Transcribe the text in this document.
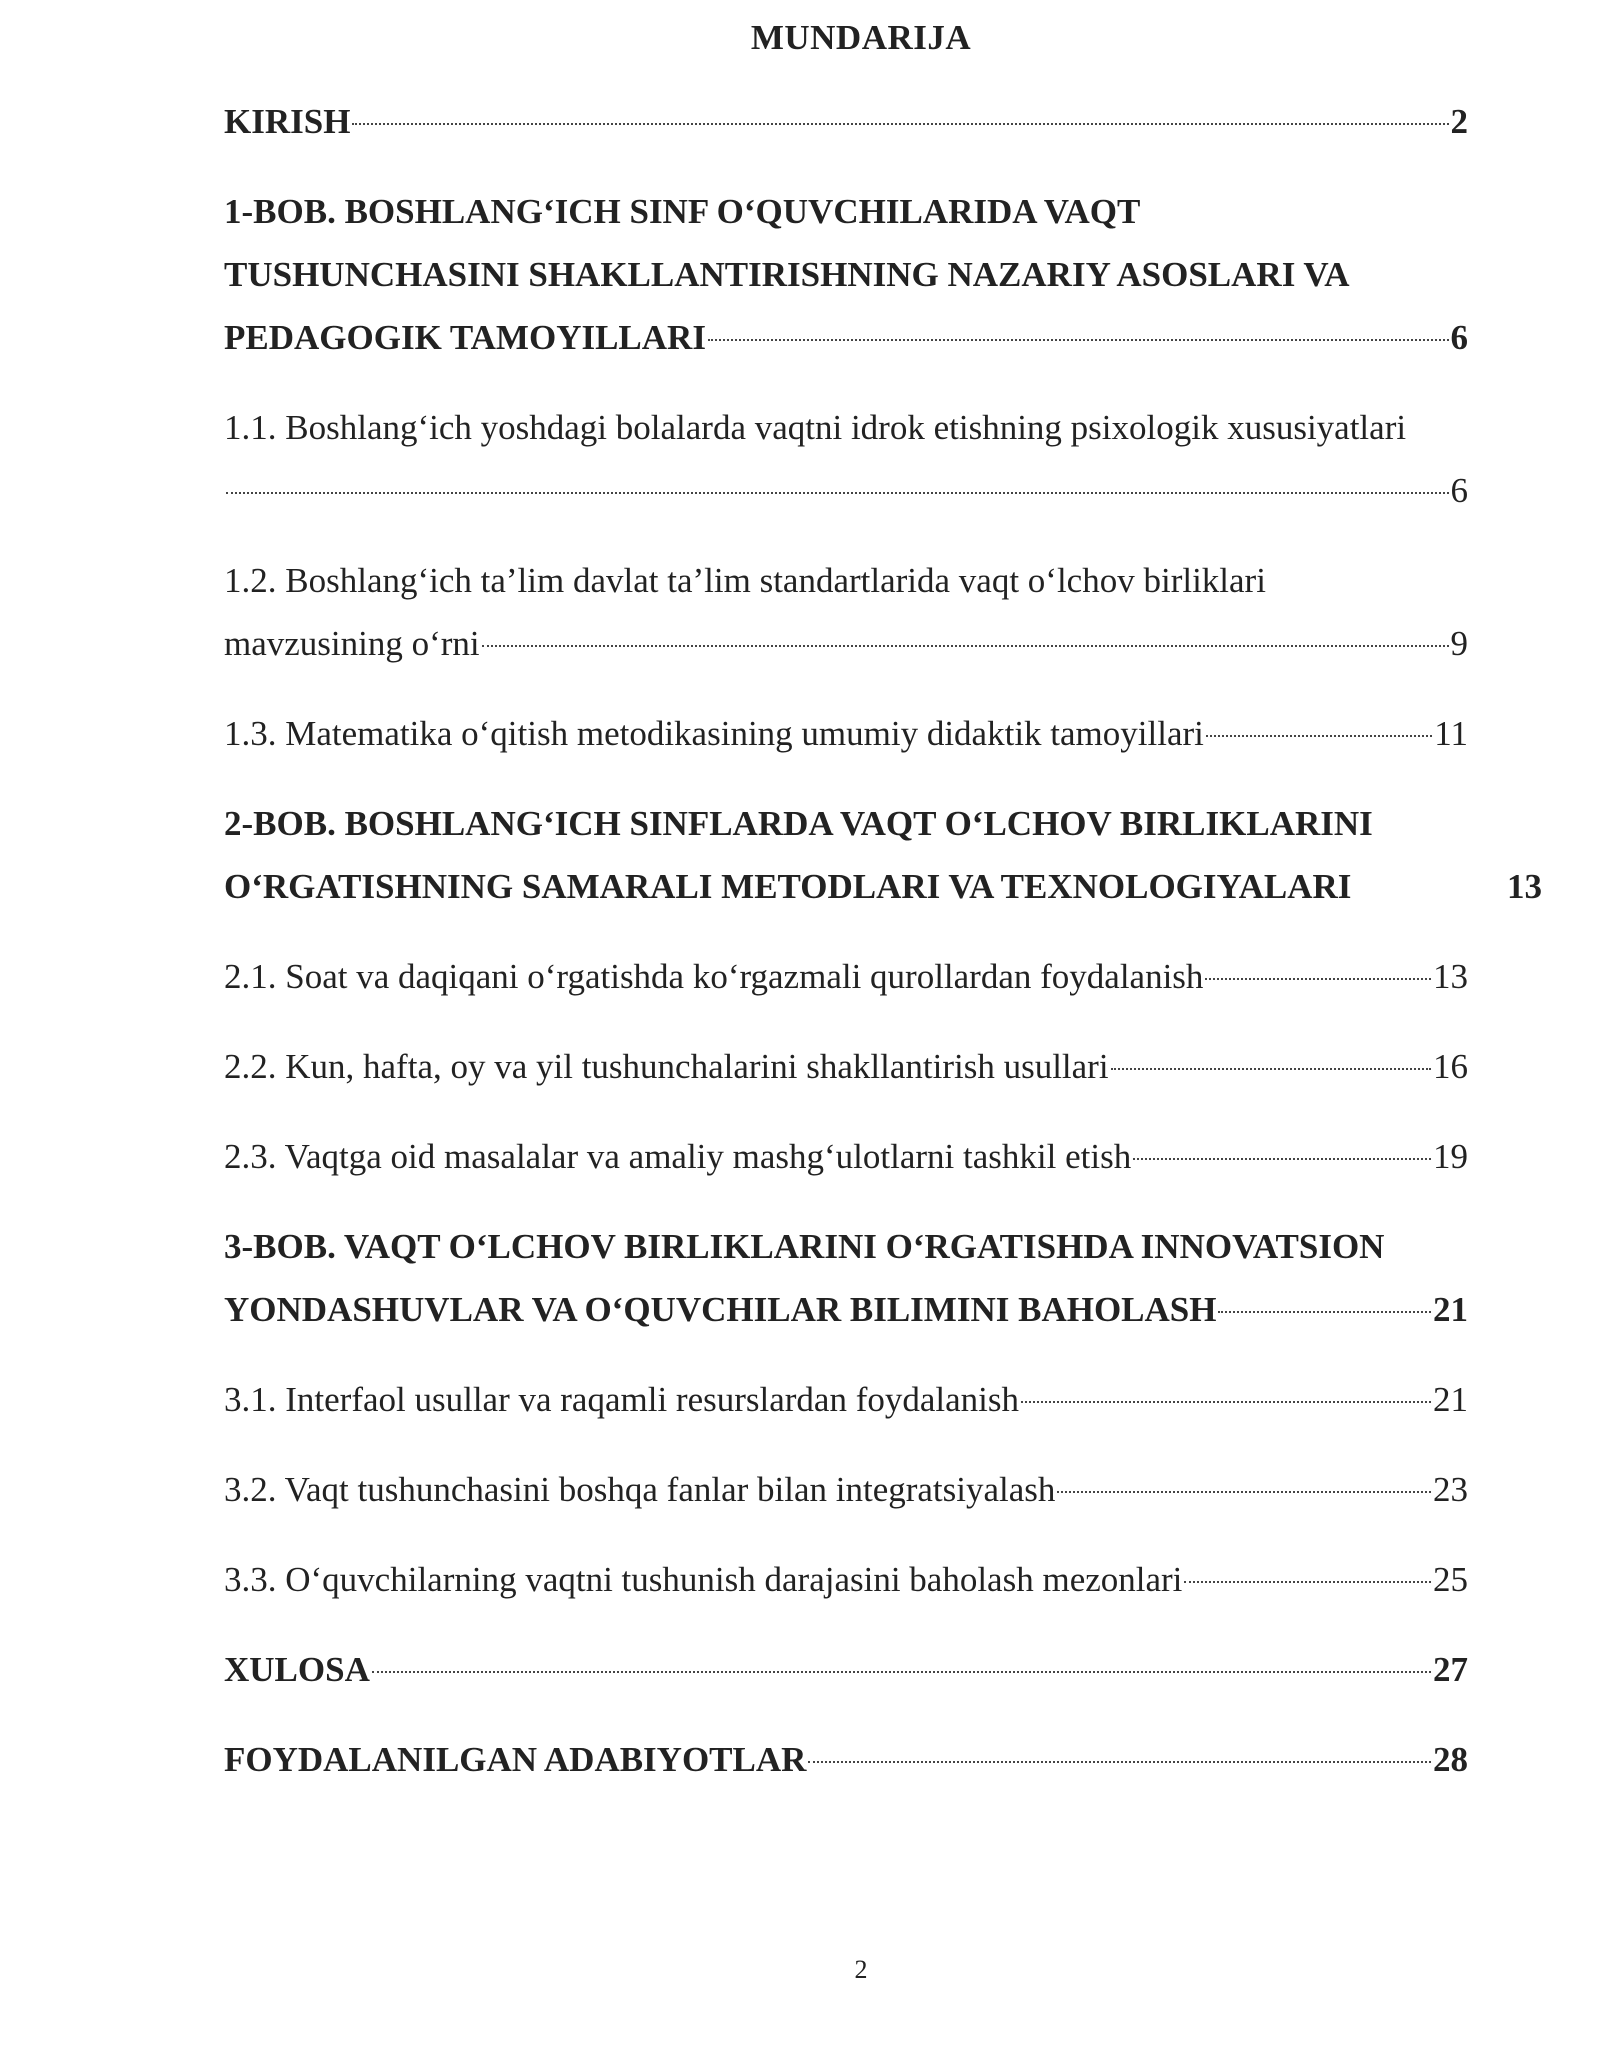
MUNDARIJA
KIRISH	2
1-BOB. BOSHLANG‘ICH SINF O‘QUVCHILARIDA VAQT
TUSHUNCHASINI SHAKLLANTIRISHNING NAZARIY ASOSLARI VA
PEDAGOGIK TAMOYILLARI	6
1.1. Boshlang‘ich yoshdagi bolalarda vaqtni idrok etishning psixologik xususiyatlari
6
1.2. Boshlang‘ich ta’lim davlat ta’lim standartlarida vaqt o‘lchov birliklari
mavzusining o‘rni	9
1.3. Matematika o‘qitish metodikasining umumiy didaktik tamoyillari	11
2-BOB. BOSHLANG‘ICH SINFLARDA VAQT O‘LCHOV BIRLIKLARINI
O‘RGATISHNING SAMARALI METODLARI VA TEXNOLOGIYALARI	13
2.1. Soat va daqiqani o‘rgatishda ko‘rgazmali qurollardan foydalanish	13
2.2. Kun, hafta, oy va yil tushunchalarini shakllantirish usullari	16
2.3. Vaqtga oid masalalar va amaliy mashg‘ulotlarni tashkil etish	19
3-BOB. VAQT O‘LCHOV BIRLIKLARINI O‘RGATISHDA INNOVATSION
YONDASHUVLAR VA O‘QUVCHILAR BILIMINI BAHOLASH	21
3.1. Interfaol usullar va raqamli resurslardan foydalanish	21
3.2. Vaqt tushunchasini boshqa fanlar bilan integratsiyalash	23
3.3. O‘quvchilarning vaqtni tushunish darajasini baholash mezonlari	25
XULOSA	27
FOYDALANILGAN ADABIYOTLAR	28
2
